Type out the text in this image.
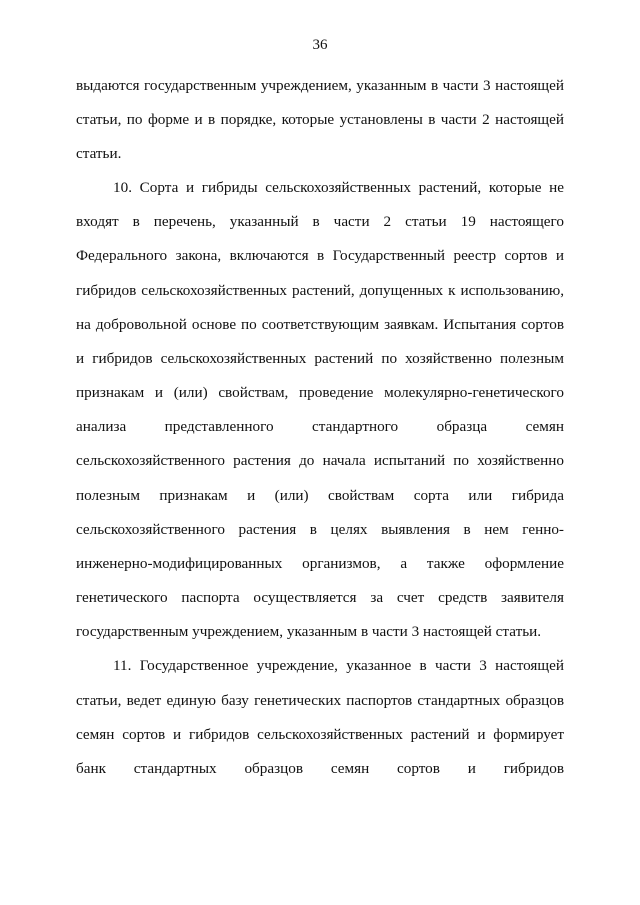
36
выдаются государственным учреждением, указанным в части 3 настоящей
статьи, по форме и в порядке, которые установлены в части 2 настоящей
статьи.
10. Сорта и гибриды сельскохозяйственных растений, которые не
входят в перечень, указанный в части 2 статьи 19 настоящего
Федерального закона, включаются в Государственный реестр сортов и
гибридов сельскохозяйственных растений, допущенных к использованию,
на добровольной основе по соответствующим заявкам. Испытания сортов
и гибридов сельскохозяйственных растений по хозяйственно полезным
признакам и (или) свойствам, проведение молекулярно-генетического
анализа представленного стандартного образца семян
сельскохозяйственного растения до начала испытаний по хозяйственно
полезным признакам и (или) свойствам сорта или гибрида
сельскохозяйственного растения в целях выявления в нем генно-
инженерно-модифицированных организмов, а также оформление
генетического паспорта осуществляется за счет средств заявителя
государственным учреждением, указанным в части 3 настоящей статьи.
11. Государственное учреждение, указанное в части 3 настоящей
статьи, ведет единую базу генетических паспортов стандартных образцов
семян сортов и гибридов сельскохозяйственных растений и формирует
банк стандартных образцов семян сортов и гибридов
